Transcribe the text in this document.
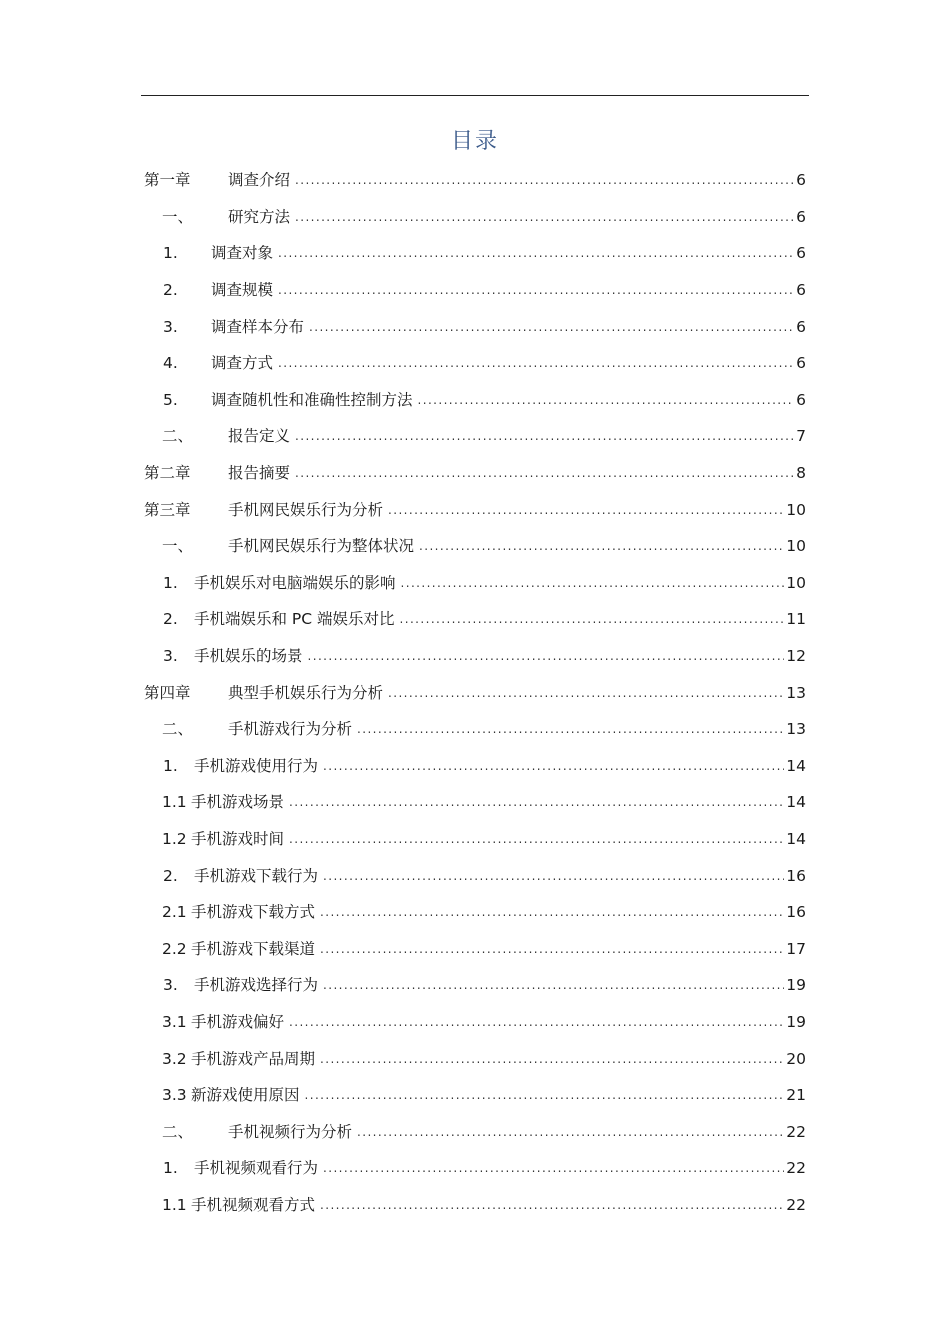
目录
第一章 调查介绍 .....	6
一、 研究方法 .....	6
1. 调查对象 .....	6
2. 调查规模 .....	6
3. 调查样本分布 .....	6
4. 调查方式 .....	6
5. 调查随机性和准确性控制方法 .....	6
二、 报告定义 .....	7
第二章 报告摘要 .....	8
第三章 手机网民娱乐行为分析 .....	10
一、 手机网民娱乐行为整体状况 .....	10
1. 手机娱乐对电脑端娱乐的影响 .....	10
2. 手机端娱乐和 PC 端娱乐对比 .....	11
3. 手机娱乐的场景 .....	12
第四章 典型手机娱乐行为分析 .....	13
二、 手机游戏行为分析 .....	13
1. 手机游戏使用行为 .....	14
1.1 手机游戏场景 .....	14
1.2 手机游戏时间 .....	14
2. 手机游戏下载行为 .....	16
2.1 手机游戏下载方式 .....	16
2.2 手机游戏下载渠道 .....	17
3. 手机游戏选择行为 .....	19
3.1 手机游戏偏好 .....	19
3.2 手机游戏产品周期 .....	20
3.3 新游戏使用原因 .....	21
二、 手机视频行为分析 .....	22
1. 手机视频观看行为 .....	22
1.1 手机视频观看方式 .....	22
